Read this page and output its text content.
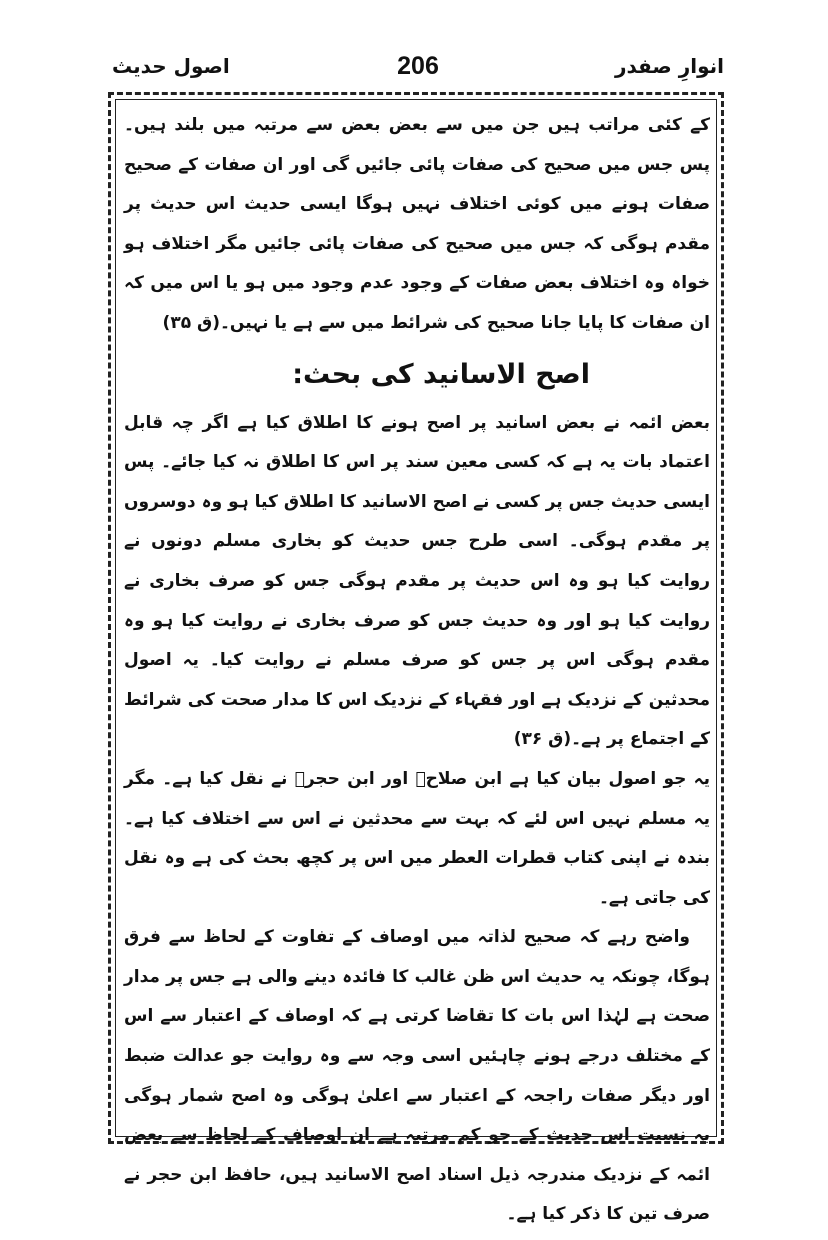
اصول حدیث	206	انوارِ صفدر

کے کئی مراتب ہیں جن میں سے بعض بعض سے مرتبہ میں بلند ہیں۔ پس جس میں صحیح کی صفات پائی جائیں گی اور ان صفات کے صحیح صفات ہونے میں کوئی اختلاف نہیں ہوگا ایسی حدیث اس حدیث پر مقدم ہوگی کہ جس میں صحیح کی صفات پائی جائیں مگر اختلاف ہو خواہ وہ اختلاف بعض صفات کے وجود عدم وجود میں ہو یا اس میں کہ ان صفات کا پایا جانا صحیح کی شرائط میں سے ہے یا نہیں۔(ق ۳۵)

اصح الاسانید کی بحث:

بعض ائمہ نے بعض اسانید پر اصح ہونے کا اطلاق کیا ہے اگر چہ قابل اعتماد بات یہ ہے کہ کسی معین سند پر اس کا اطلاق نہ کیا جائے۔ پس ایسی حدیث جس پر کسی نے اصح الاسانید کا اطلاق کیا ہو وہ دوسروں پر مقدم ہوگی۔ اسی طرح جس حدیث کو بخاری مسلم دونوں نے روایت کیا ہو وہ اس حدیث پر مقدم ہوگی جس کو صرف بخاری نے روایت کیا ہو اور وہ حدیث جس کو صرف بخاری نے روایت کیا ہو وہ مقدم ہوگی اس پر جس کو صرف مسلم نے روایت کیا۔ یہ اصول محدثین کے نزدیک ہے اور فقہاء کے نزدیک اس کا مدار صحت کی شرائط کے اجتماع پر ہے۔(ق ۳۶)

یہ جو اصول بیان کیا ہے ابن صلاحؒ اور ابن حجرؒ نے نقل کیا ہے۔ مگر یہ مسلم نہیں اس لئے کہ بہت سے محدثین نے اس سے اختلاف کیا ہے۔ بندہ نے اپنی کتاب قطرات العطر میں اس پر کچھ بحث کی ہے وہ نقل کی جاتی ہے۔

واضح رہے کہ صحیح لذاتہ میں اوصاف کے تفاوت کے لحاظ سے فرق ہوگا، چونکہ یہ حدیث اس ظن غالب کا فائدہ دینے والی ہے جس پر مدار صحت ہے لہٰذا اس بات کا تقاضا کرتی ہے کہ اوصاف کے اعتبار سے اس کے مختلف درجے ہونے چاہئیں اسی وجہ سے وہ روایت جو عدالت ضبط اور دیگر صفات راجحہ کے اعتبار سے اعلیٰ ہوگی وہ اصح شمار ہوگی بہ نسبت اس حدیث کے جو کم مرتبہ ہے ان اوصاف کے لحاظ سے بعض ائمہ کے نزدیک مندرجہ ذیل اسناد اصح الاسانید ہیں، حافظ ابن حجر نے صرف تین کا ذکر کیا ہے۔
